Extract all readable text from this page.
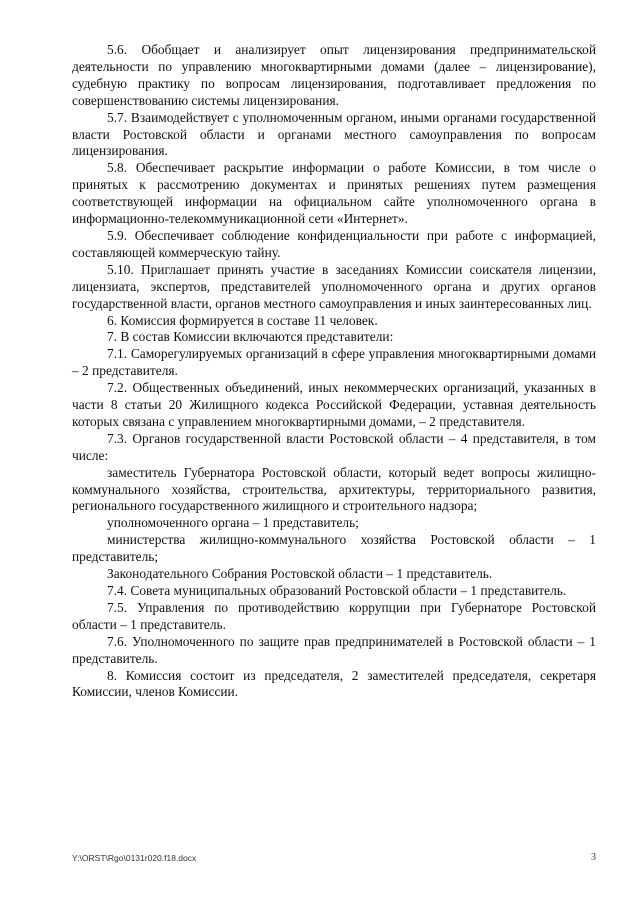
5.6. Обобщает и анализирует опыт лицензирования предпринимательской деятельности по управлению многоквартирными домами (далее – лицензирование), судебную практику по вопросам лицензирования, подготавливает предложения по совершенствованию системы лицензирования.

5.7. Взаимодействует с уполномоченным органом, иными органами государственной власти Ростовской области и органами местного самоуправления по вопросам лицензирования.

5.8. Обеспечивает раскрытие информации о работе Комиссии, в том числе о принятых к рассмотрению документах и принятых решениях путем размещения соответствующей информации на официальном сайте уполномоченного органа в информационно-телекоммуникационной сети «Интернет».

5.9. Обеспечивает соблюдение конфиденциальности при работе с информацией, составляющей коммерческую тайну.

5.10. Приглашает принять участие в заседаниях Комиссии соискателя лицензии, лицензиата, экспертов, представителей уполномоченного органа и других органов государственной власти, органов местного самоуправления и иных заинтересованных лиц.

6. Комиссия формируется в составе 11 человек.

7. В состав Комиссии включаются представители:

7.1. Саморегулируемых организаций в сфере управления многоквартирными домами – 2 представителя.

7.2. Общественных объединений, иных некоммерческих организаций, указанных в части 8 статьи 20 Жилищного кодекса Российской Федерации, уставная деятельность которых связана с управлением многоквартирными домами, – 2 представителя.

7.3. Органов государственной власти Ростовской области – 4 представителя, в том числе:

заместитель Губернатора Ростовской области, который ведет вопросы жилищно-коммунального хозяйства, строительства, архитектуры, территориального развития, регионального государственного жилищного и строительного надзора;

уполномоченного органа – 1 представитель;

министерства жилищно-коммунального хозяйства Ростовской области – 1 представитель;

Законодательного Собрания Ростовской области – 1 представитель.

7.4. Совета муниципальных образований Ростовской области – 1 представитель.

7.5. Управления по противодействию коррупции при Губернаторе Ростовской области – 1 представитель.

7.6. Уполномоченного по защите прав предпринимателей в Ростовской области – 1 представитель.

8. Комиссия состоит из председателя, 2 заместителей председателя, секретаря Комиссии, членов Комиссии.

Y:\ORST\Rgo\0131r020.f18.docx	3
